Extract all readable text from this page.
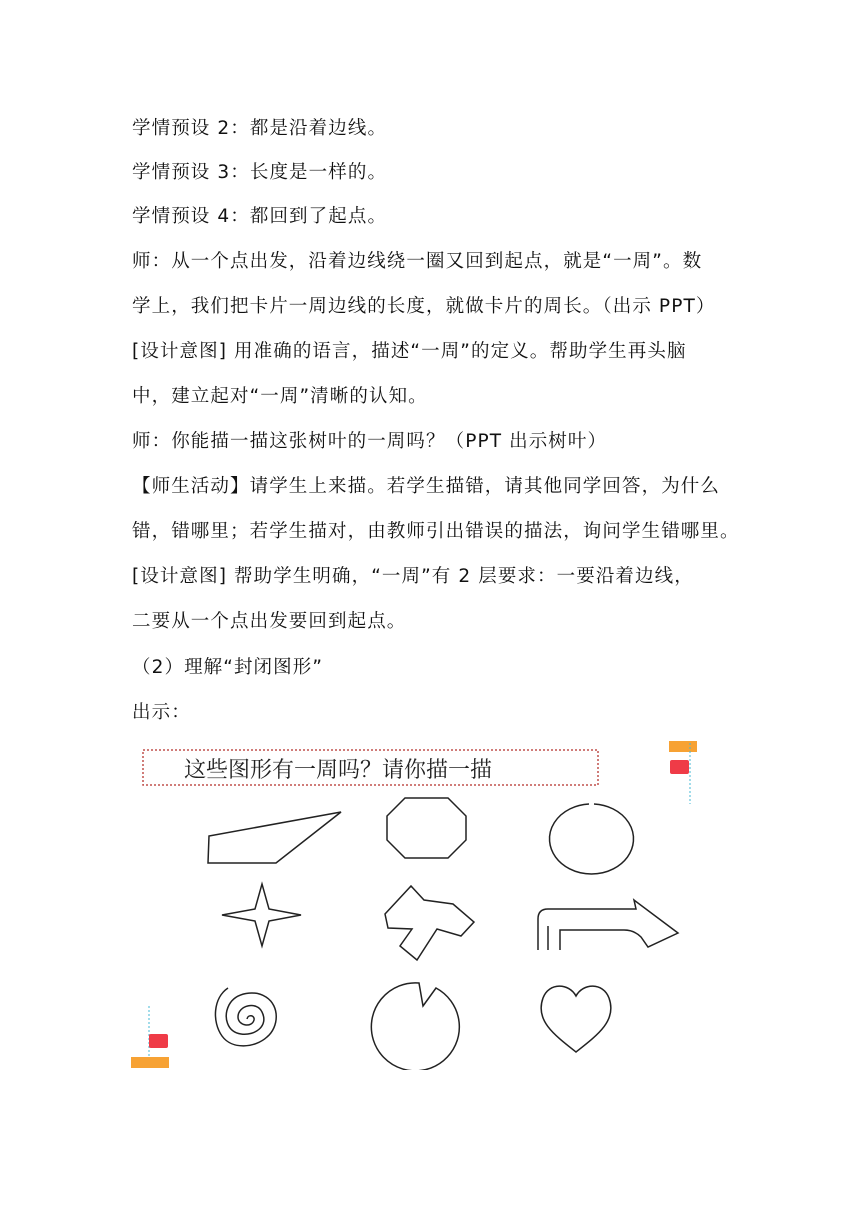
学情预设 2：都是沿着边线。

学情预设 3：长度是一样的。

学情预设 4：都回到了起点。

师：从一个点出发，沿着边线绕一圈又回到起点，就是“一周”。数

学上，我们把卡片一周边线的长度，就做卡片的周长。（出示 PPT）

[设计意图] 用准确的语言，描述“一周”的定义。帮助学生再头脑

中，建立起对“一周”清晰的认知。

师：你能描一描这张树叶的一周吗？（PPT 出示树叶）

【师生活动】请学生上来描。若学生描错，请其他同学回答，为什么

错，错哪里；若学生描对，由教师引出错误的描法，询问学生错哪里。

[设计意图] 帮助学生明确，“一周”有 2 层要求：一要沿着边线，

二要从一个点出发要回到起点。

（2）理解“封闭图形”

出示：

这些图形有一周吗？请你描一描
